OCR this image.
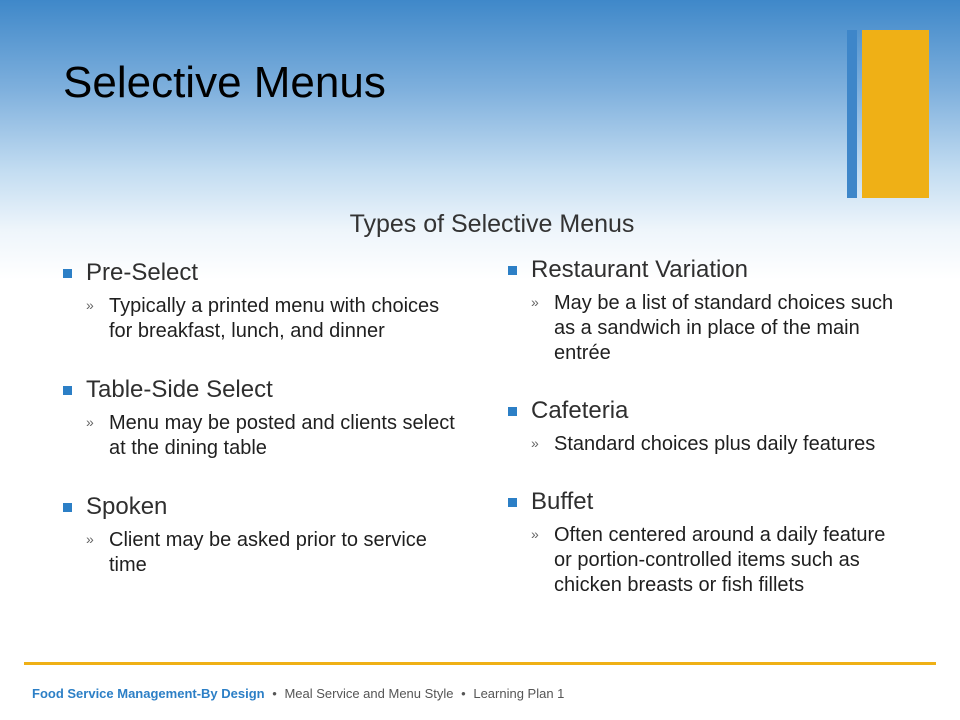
Selective Menus
Types of Selective Menus
Pre-Select
» Typically a printed menu with choices for breakfast, lunch, and dinner
Table-Side Select
» Menu may be posted and clients select at the dining table
Spoken
» Client may be asked prior to service time
Restaurant Variation
» May be a list of standard choices such as a sandwich in place of the main entrée
Cafeteria
» Standard choices plus daily features
Buffet
» Often centered around a daily feature or portion-controlled items such as chicken breasts or fish fillets
Food Service Management-By Design • Meal Service and Menu Style • Learning Plan 1
